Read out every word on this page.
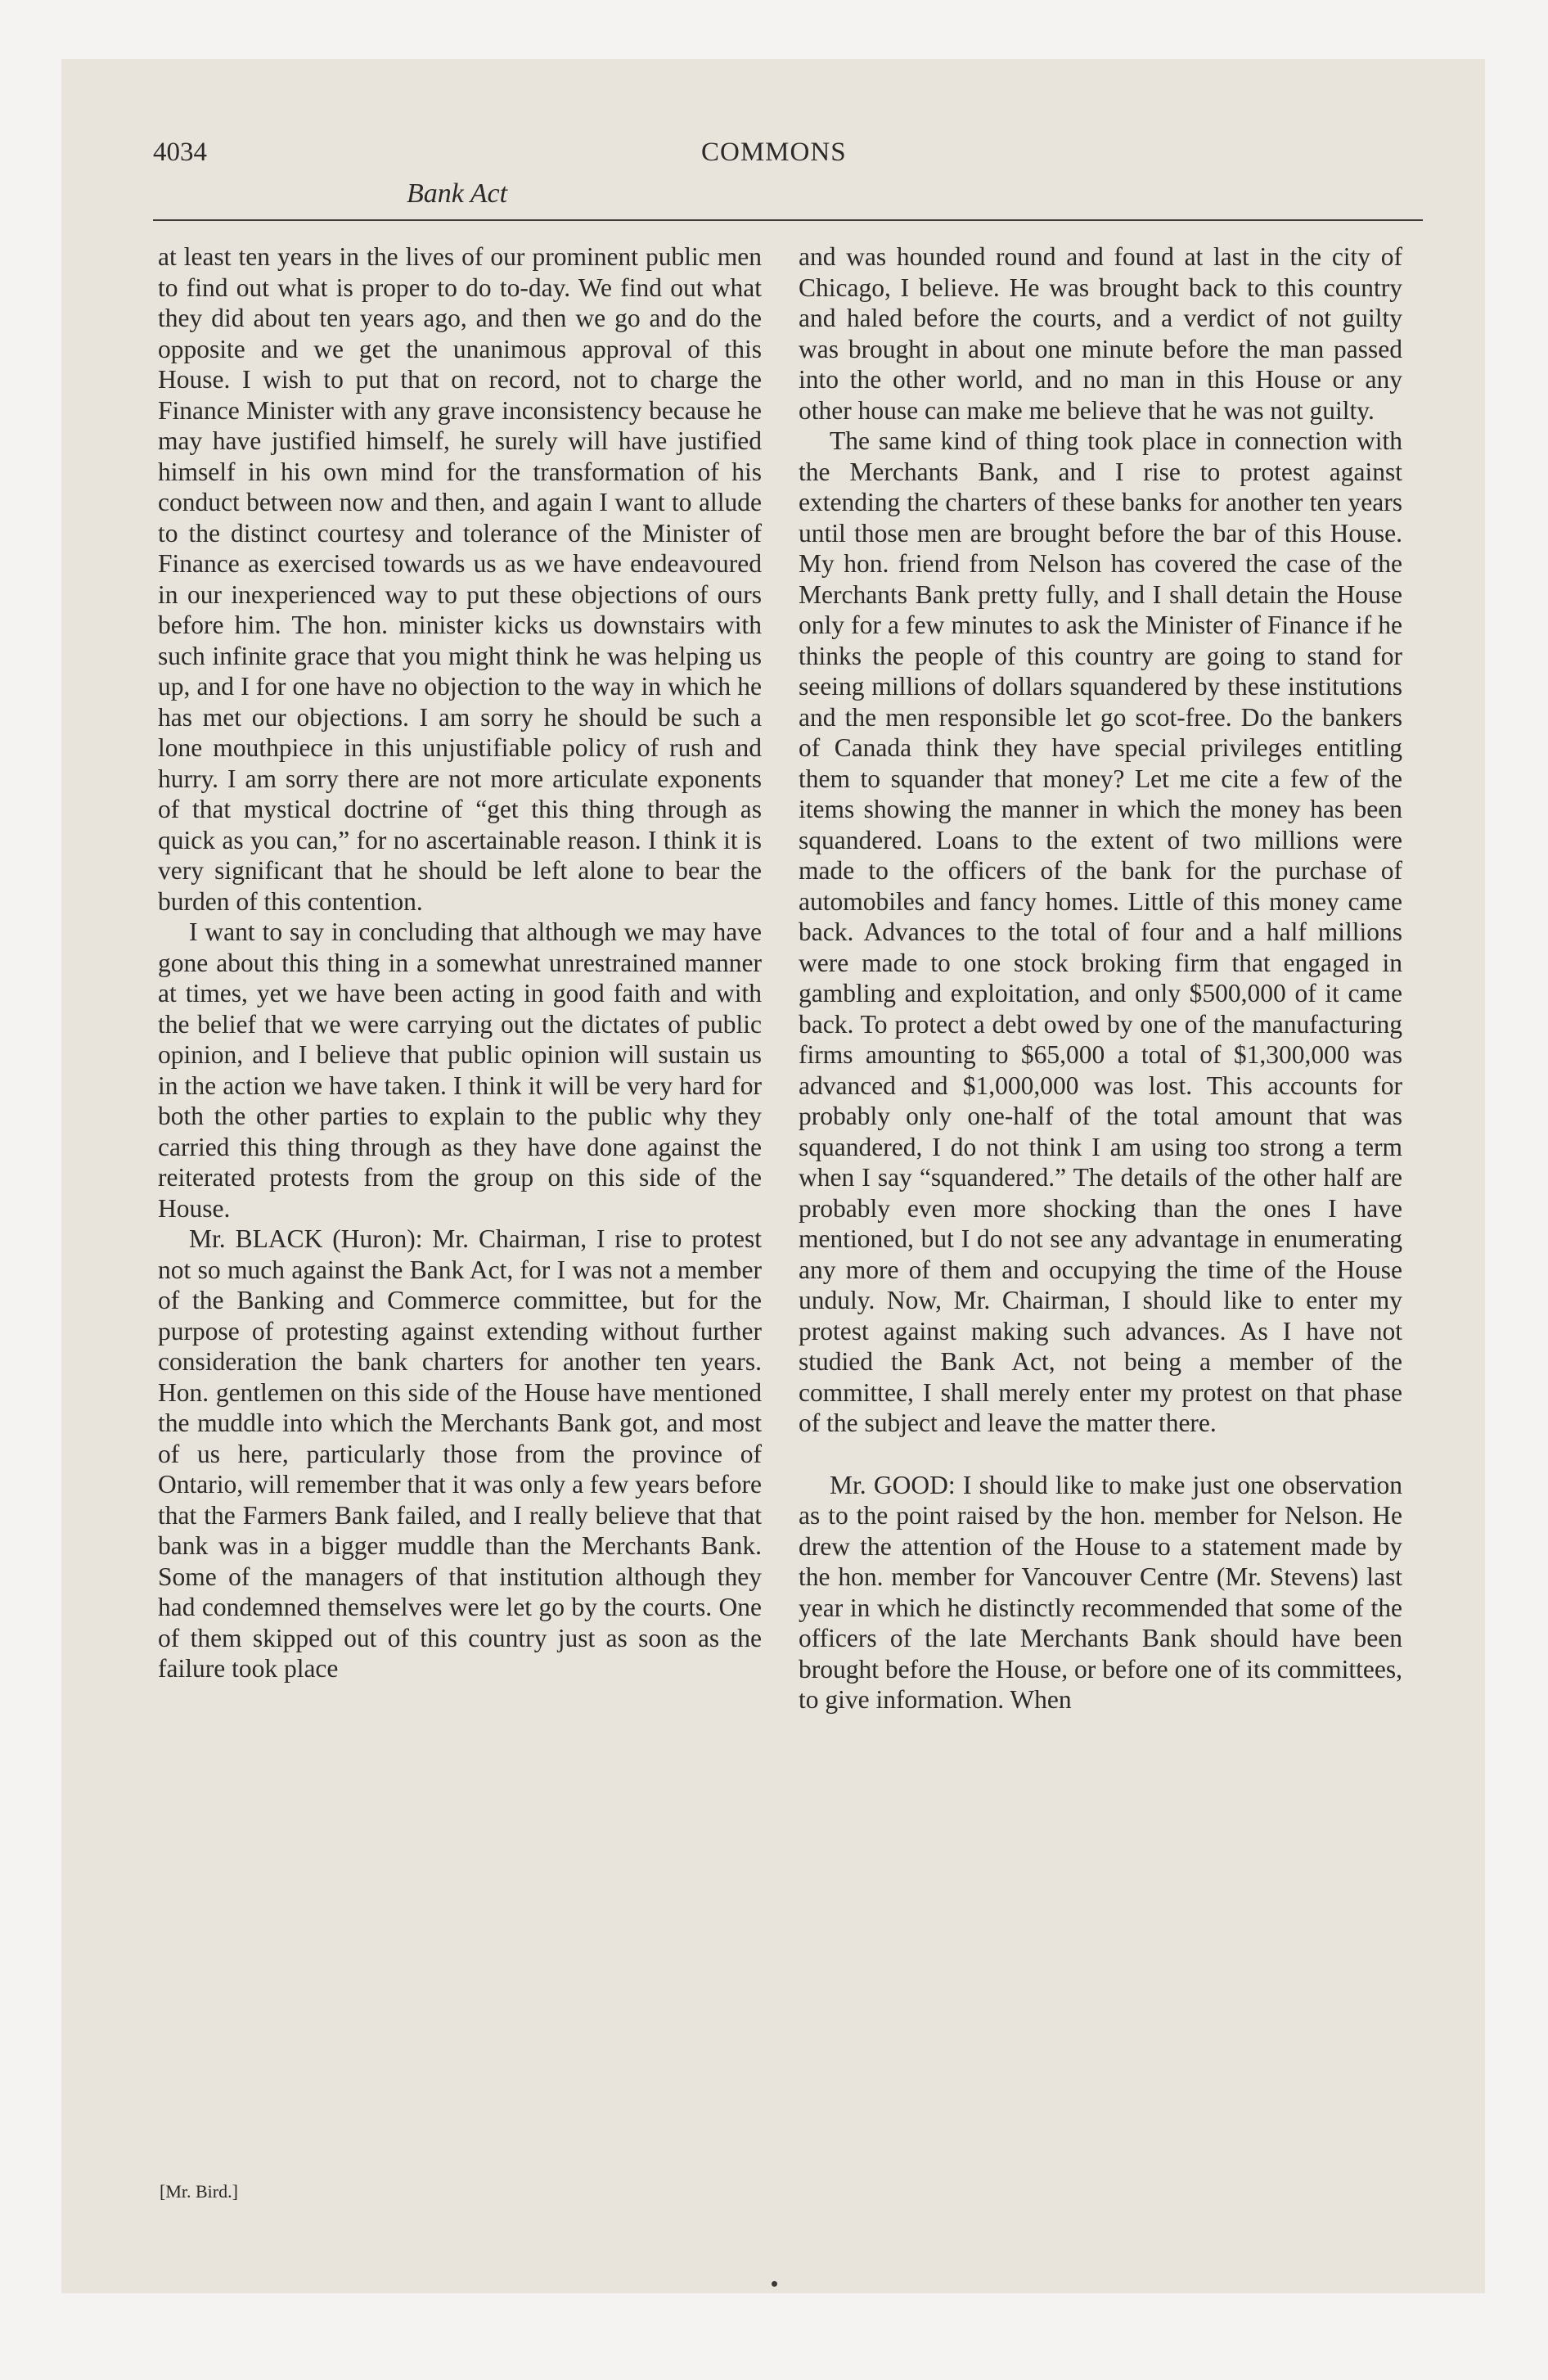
4034	COMMONS
Bank Act

at least ten years in the lives of our prominent public men to find out what is proper to do to-day. We find out what they did about ten years ago, and then we go and do the opposite and we get the unanimous approval of this House. I wish to put that on record, not to charge the Finance Minister with any grave inconsistency because he may have justified himself, he surely will have justified himself in his own mind for the transformation of his conduct between now and then, and again I want to allude to the distinct courtesy and tolerance of the Minister of Finance as exercised towards us as we have endeavoured in our inexperienced way to put these objections of ours before him. The hon. minister kicks us downstairs with such infinite grace that you might think he was helping us up, and I for one have no objection to the way in which he has met our objections. I am sorry he should be such a lone mouthpiece in this unjustifiable policy of rush and hurry. I am sorry there are not more articulate exponents of that mystical doctrine of “get this thing through as quick as you can,” for no ascertainable reason. I think it is very significant that he should be left alone to bear the burden of this contention.

I want to say in concluding that although we may have gone about this thing in a somewhat unrestrained manner at times, yet we have been acting in good faith and with the belief that we were carrying out the dictates of public opinion, and I believe that public opinion will sustain us in the action we have taken. I think it will be very hard for both the other parties to explain to the public why they carried this thing through as they have done against the reiterated protests from the group on this side of the House.

Mr. BLACK (Huron): Mr. Chairman, I rise to protest not so much against the Bank Act, for I was not a member of the Banking and Commerce committee, but for the purpose of protesting against extending without further consideration the bank charters for another ten years. Hon. gentlemen on this side of the House have mentioned the muddle into which the Merchants Bank got, and most of us here, particularly those from the province of Ontario, will remember that it was only a few years before that the Farmers Bank failed, and I really believe that that bank was in a bigger muddle than the Merchants Bank. Some of the managers of that institution although they had condemned themselves were let go by the courts. One of them skipped out of this country just as soon as the failure took place

and was hounded round and found at last in the city of Chicago, I believe. He was brought back to this country and haled before the courts, and a verdict of not guilty was brought in about one minute before the man passed into the other world, and no man in this House or any other house can make me believe that he was not guilty.

The same kind of thing took place in connection with the Merchants Bank, and I rise to protest against extending the charters of these banks for another ten years until those men are brought before the bar of this House. My hon. friend from Nelson has covered the case of the Merchants Bank pretty fully, and I shall detain the House only for a few minutes to ask the Minister of Finance if he thinks the people of this country are going to stand for seeing millions of dollars squandered by these institutions and the men responsible let go scot-free. Do the bankers of Canada think they have special privileges entitling them to squander that money? Let me cite a few of the items showing the manner in which the money has been squandered. Loans to the extent of two millions were made to the officers of the bank for the purchase of automobiles and fancy homes. Little of this money came back. Advances to the total of four and a half millions were made to one stock broking firm that engaged in gambling and exploitation, and only $500,000 of it came back. To protect a debt owed by one of the manufacturing firms amounting to $65,000 a total of $1,300,000 was advanced and $1,000,000 was lost. This accounts for probably only one-half of the total amount that was squandered, I do not think I am using too strong a term when I say “squandered.” The details of the other half are probably even more shocking than the ones I have mentioned, but I do not see any advantage in enumerating any more of them and occupying the time of the House unduly. Now, Mr. Chairman, I should like to enter my protest against making such advances. As I have not studied the Bank Act, not being a member of the committee, I shall merely enter my protest on that phase of the subject and leave the matter there.

Mr. GOOD: I should like to make just one observation as to the point raised by the hon. member for Nelson. He drew the attention of the House to a statement made by the hon. member for Vancouver Centre (Mr. Stevens) last year in which he distinctly recommended that some of the officers of the late Merchants Bank should have been brought before the House, or before one of its committees, to give information. When

[Mr. Bird.]
